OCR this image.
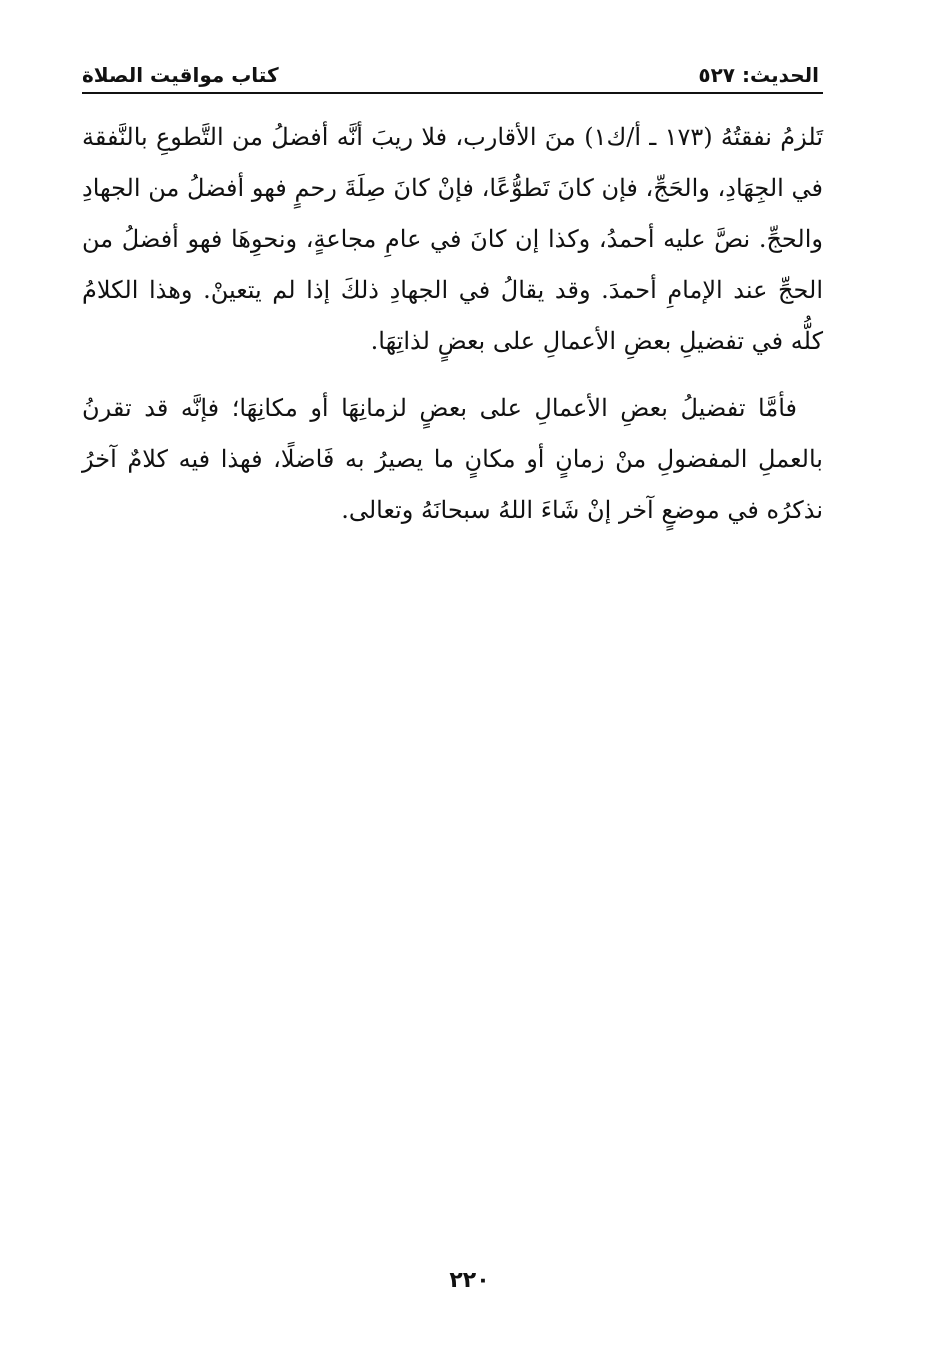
الحديث: ٥٢٧
كتاب مواقيت الصلاة

تَلزمُ نفقتُهُ (١٧٣ ـ أ/ك١) منَ الأقارب، فلا ريبَ أنَّه أفضلُ من التَّطوعِ بالنَّفقة في الجِهَادِ، والحَجِّ، فإن كانَ تَطوُّعًا، فإنْ كانَ صِلَةَ رحمٍ فهو أفضلُ من الجهادِ والحجِّ. نصَّ عليه أحمدُ، وكذا إن كانَ في عامِ مجاعةٍ، ونحوِهَا فهو أفضلُ من الحجِّ عند الإمامِ أحمدَ. وقد يقالُ في الجهادِ ذلكَ إذا لم يتعينْ. وهذا الكلامُ كلُّه في تفضيلِ بعضِ الأعمالِ على بعضٍ لذاتِهَا.

فأمَّا تفضيلُ بعضِ الأعمالِ على بعضٍ لزمانِهَا أو مكانِهَا؛ فإنَّه قد تقرنُ بالعملِ المفضولِ منْ زمانٍ أو مكانٍ ما يصيرُ به فَاضلًا، فهذا فيه كلامٌ آخرُ نذكرُه في موضعٍ آخر إنْ شَاءَ اللهُ سبحانَهُ وتعالى.

٢٢٠
